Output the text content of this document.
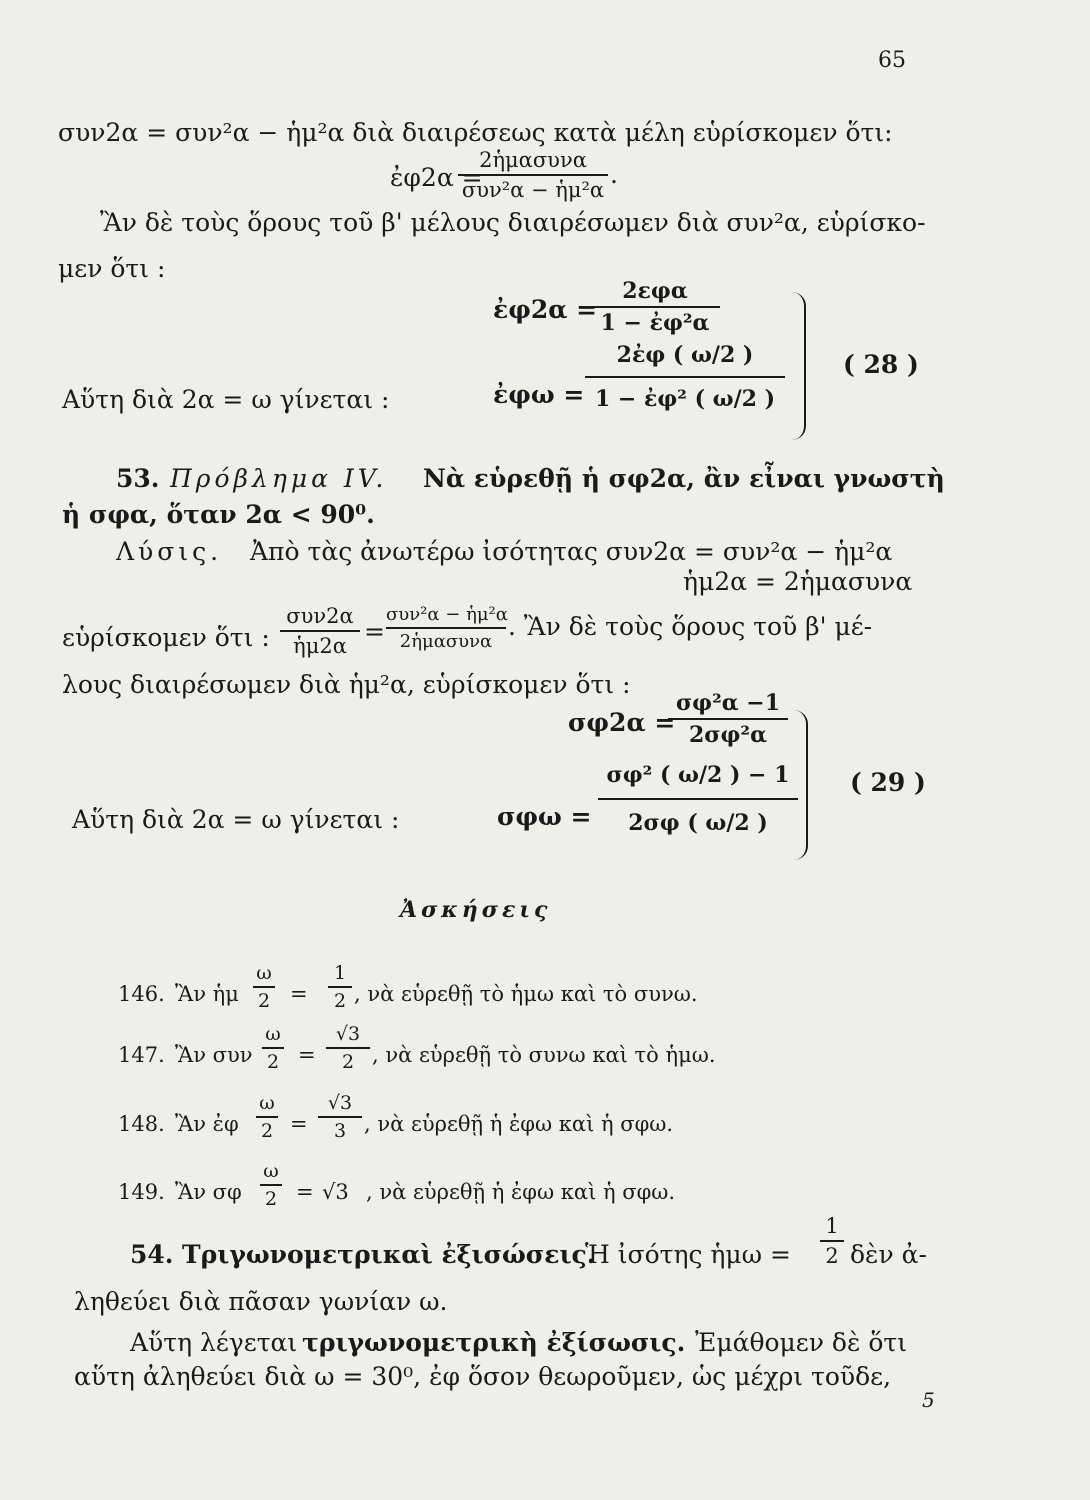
65
συν2α = συν²α − ἡμ²α διὰ διαιρέσεως κατὰ μέλη εὑρίσκομεν ὅτι:
ἐφ2α =
2ἡμασυνα
συν²α − ἡμ²α
.
Ἂν δὲ τοὺς ὅρους τοῦ β' μέλους διαιρέσωμεν διὰ συν²α, εὑρίσκο-
μεν ὅτι :
ἐφ2α =
2εφα
1 − ἐφ²α
Αὕτη διὰ 2α = ω γίνεται :	ἐφω =
2ἐφ ( ω/2 )
1 − ἐφ² ( ω/2 )
( 28 )
53. Πρόβλημα IV. Νὰ εὑρεθῇ ἡ σφ2α, ἂν εἶναι γνωστὴ
ἡ σφα, ὅταν 2α < 90⁰.
Λύσις. Ἀπὸ τὰς ἀνωτέρω ἰσότητας συν2α = συν²α − ἡμ²α
ἡμ2α = 2ἡμασυνα
εὑρίσκομεν ὅτι :
συν2α
ἡμ2α =
συν²α − ἡμ²α
2ἡμασυνα
. Ἂν δὲ τοὺς ὅρους τοῦ β' μέ-
λους διαιρέσωμεν διὰ ἡμ²α, εὑρίσκομεν ὅτι :
σφ2α =
σφ²α −1
2σφ²α
Αὕτη διὰ 2α = ω γίνεται :	σφω =
σφ² ( ω/2 ) − 1
2σφ ( ω/2 )
( 29 )
Ἀσκήσεις
146. Ἂν ἡμ
ω
2 =
1
2 , νὰ εὑρεθῇ τὸ ἡμω καὶ τὸ συνω.
147. Ἂν συν
ω
2 =
√3
2 , νὰ εὑρεθῇ τὸ συνω καὶ τὸ ἡμω.
148. Ἂν ἐφ
ω
2 =
√3
3 , νὰ εὑρεθῇ ἡ ἐφω καὶ ἡ σφω.
149. Ἂν σφ
ω
2 = √3 , νὰ εὑρεθῇ ἡ ἐφω καὶ ἡ σφω.
54. Τριγωνομετρικαὶ ἐξισώσεις.
Ἡ ἰσότης ἡμω =
1
2 δὲν ἀ-
ληθεύει διὰ πᾶσαν γωνίαν ω.
Αὕτη λέγεται τριγωνομετρικὴ ἐξίσωσις. Ἐμάθομεν δὲ ὅτι
αὕτη ἀληθεύει διὰ ω = 30⁰, ἐφ ὅσον θεωροῦμεν, ὡς μέχρι τοῦδε,
5
